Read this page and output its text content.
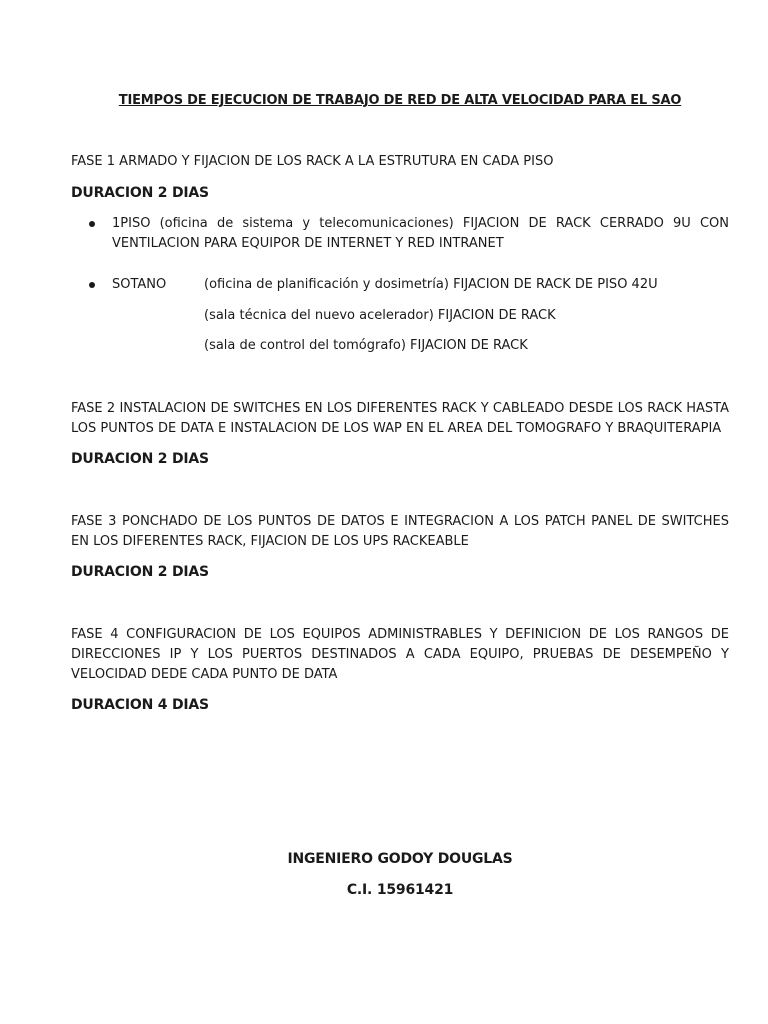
TIEMPOS DE EJECUCION DE TRABAJO DE RED DE ALTA VELOCIDAD PARA EL SAO
FASE 1 ARMADO Y FIJACION DE LOS RACK A LA ESTRUTURA EN CADA PISO
DURACION 2 DIAS
1PISO (oficina de sistema y telecomunicaciones) FIJACION DE RACK CERRADO 9U CON VENTILACION PARA EQUIPOR DE INTERNET Y RED INTRANET
SOTANO	(oficina de planificación y dosimetría) FIJACION DE RACK DE PISO 42U
(sala técnica del nuevo acelerador) FIJACION DE RACK
(sala de control del tomógrafo) FIJACION DE RACK
FASE 2 INSTALACION DE SWITCHES EN LOS DIFERENTES RACK Y CABLEADO DESDE LOS RACK HASTA LOS PUNTOS DE DATA E INSTALACION DE LOS WAP EN EL AREA DEL TOMOGRAFO Y BRAQUITERAPIA
DURACION 2 DIAS
FASE 3 PONCHADO DE LOS PUNTOS DE DATOS E INTEGRACION A LOS PATCH PANEL DE SWITCHES EN LOS DIFERENTES RACK, FIJACION DE LOS UPS RACKEABLE
DURACION 2 DIAS
FASE 4 CONFIGURACION DE LOS EQUIPOS ADMINISTRABLES Y DEFINICION DE LOS RANGOS DE DIRECCIONES IP Y LOS PUERTOS DESTINADOS A CADA EQUIPO, PRUEBAS DE DESEMPEÑO Y VELOCIDAD DEDE CADA PUNTO DE DATA
DURACION 4 DIAS
INGENIERO GODOY DOUGLAS
C.I. 15961421
